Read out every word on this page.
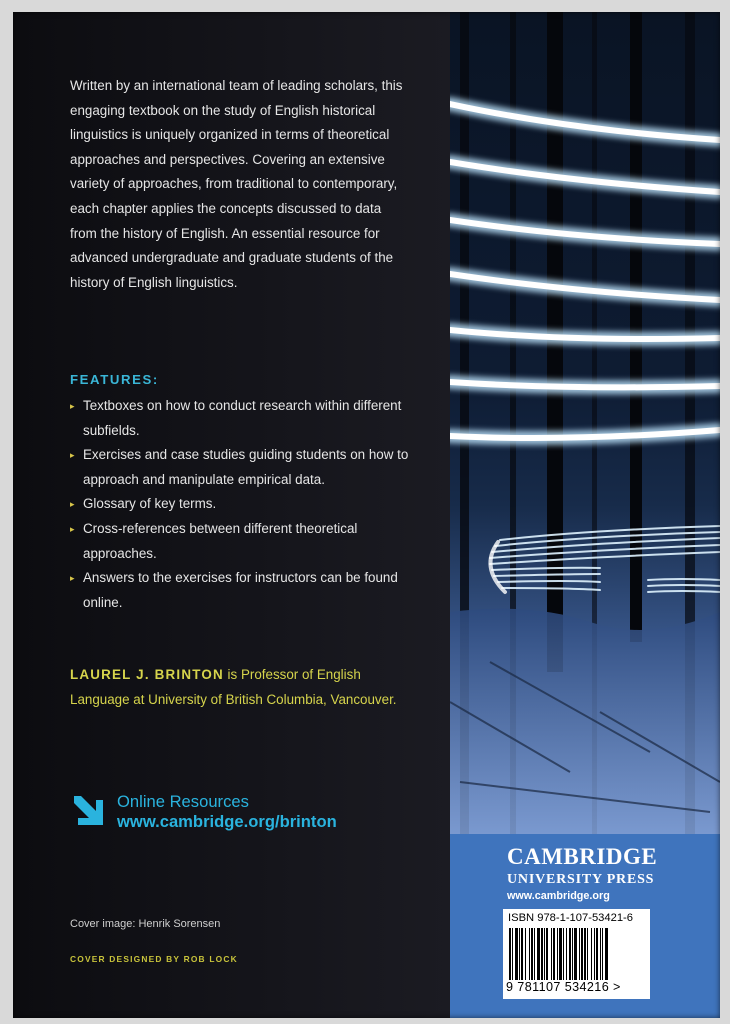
Written by an international team of leading scholars, this engaging textbook on the study of English historical linguistics is uniquely organized in terms of theoretical approaches and perspectives. Covering an extensive variety of approaches, from traditional to contemporary, each chapter applies the concepts discussed to data from the history of English. An essential resource for advanced undergraduate and graduate students of the history of English linguistics.
FEATURES:
▸ Textboxes on how to conduct research within different subfields.
▸ Exercises and case studies guiding students on how to approach and manipulate empirical data.
▸ Glossary of key terms.
▸ Cross-references between different theoretical approaches.
▸ Answers to the exercises for instructors can be found online.
LAUREL J. BRINTON is Professor of English Language at University of British Columbia, Vancouver.
Online Resources
www.cambridge.org/brinton
Cover image: Henrik Sorensen
COVER DESIGNED BY ROB LOCK
CAMBRIDGE
UNIVERSITY PRESS
www.cambridge.org
ISBN 978-1-107-53421-6
9 781107 534216 >
